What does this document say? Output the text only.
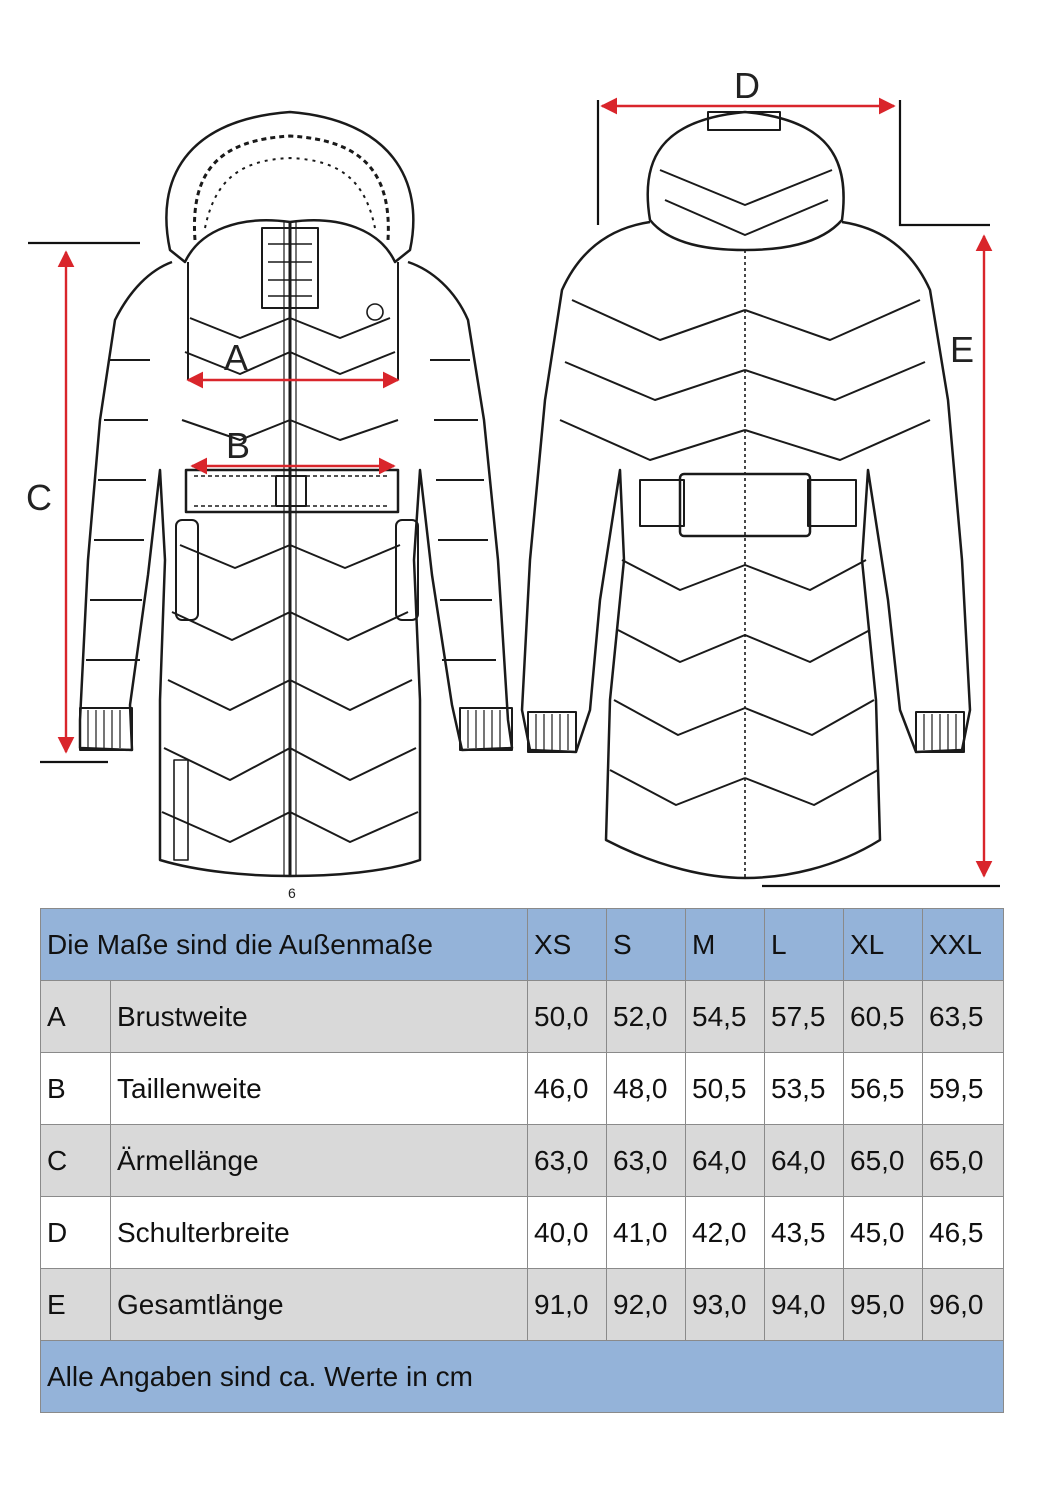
6
A
B
C
D
E
Die Maße sind die Außenmaße		XS	S	M	L	XL	XXL
A	Brustweite	50,0	52,0	54,5	57,5	60,5	63,5
B	Taillenweite	46,0	48,0	50,5	53,5	56,5	59,5
C	Ärmellänge	63,0	63,0	64,0	64,0	65,0	65,0
D	Schulterbreite	40,0	41,0	42,0	43,5	45,0	46,5
E	Gesamtlänge	91,0	92,0	93,0	94,0	95,0	96,0
Alle Angaben sind ca. Werte in cm							
